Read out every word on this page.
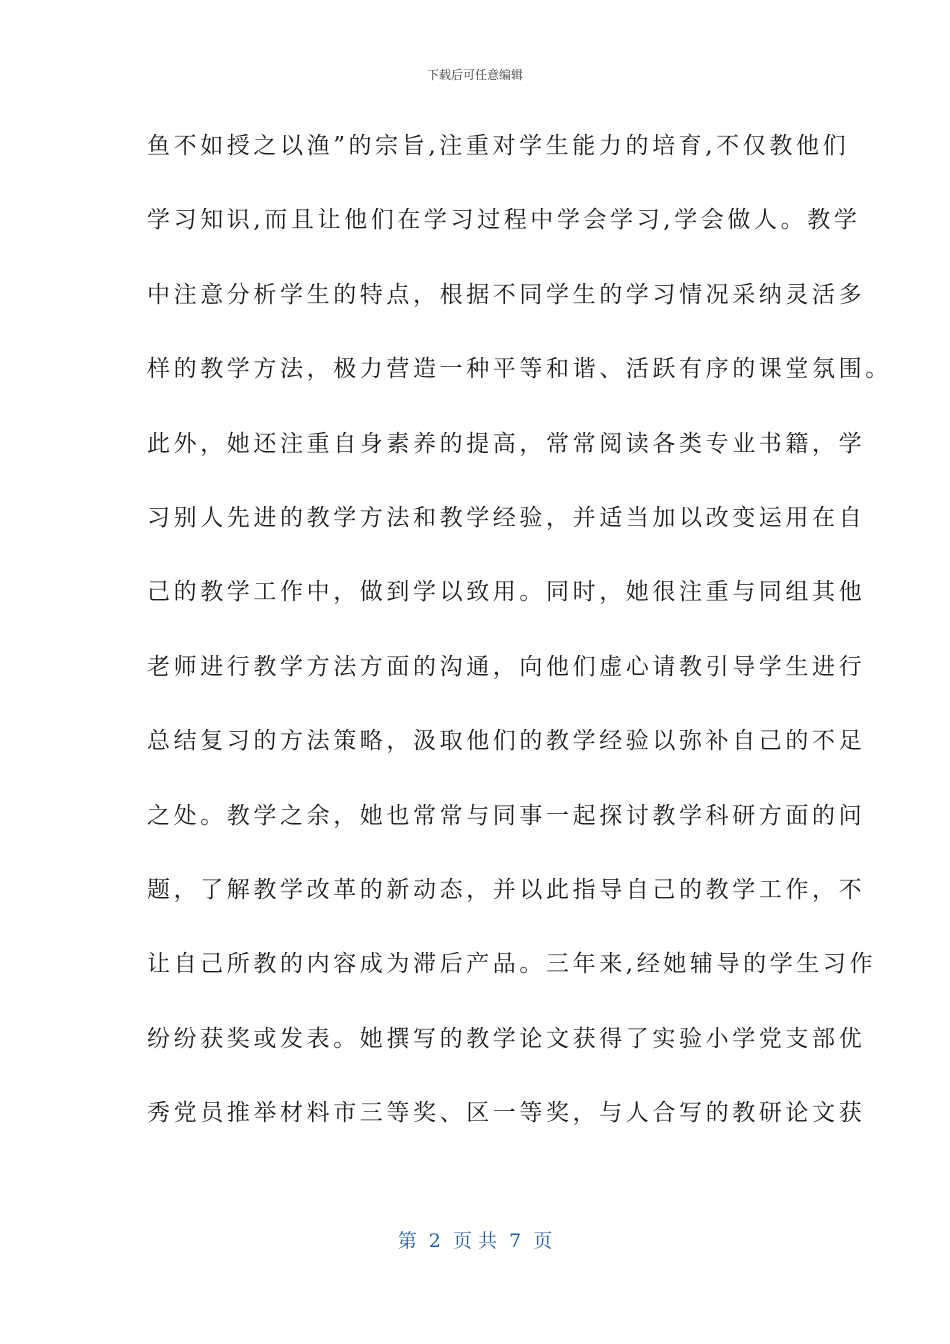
下载后可任意编辑
鱼不如授之以渔”的宗旨,注重对学生能力的培育,不仅教他们
学习知识,而且让他们在学习过程中学会学习,学会做人。教学
中注意分析学生的特点，根据不同学生的学习情况采纳灵活多
样的教学方法，极力营造一种平等和谐、活跃有序的课堂氛围。
此外，她还注重自身素养的提高，常常阅读各类专业书籍，学
习别人先进的教学方法和教学经验，并适当加以改变运用在自
己的教学工作中，做到学以致用。同时，她很注重与同组其他
老师进行教学方法方面的沟通，向他们虚心请教引导学生进行
总结复习的方法策略，汲取他们的教学经验以弥补自己的不足
之处。教学之余，她也常常与同事一起探讨教学科研方面的问
题，了解教学改革的新动态，并以此指导自己的教学工作，不
让自己所教的内容成为滞后产品。三年来,经她辅导的学生习作
纷纷获奖或发表。她撰写的教学论文获得了实验小学党支部优
秀党员推举材料市三等奖、区一等奖，与人合写的教研论文获
第  2  页 共  7  页
